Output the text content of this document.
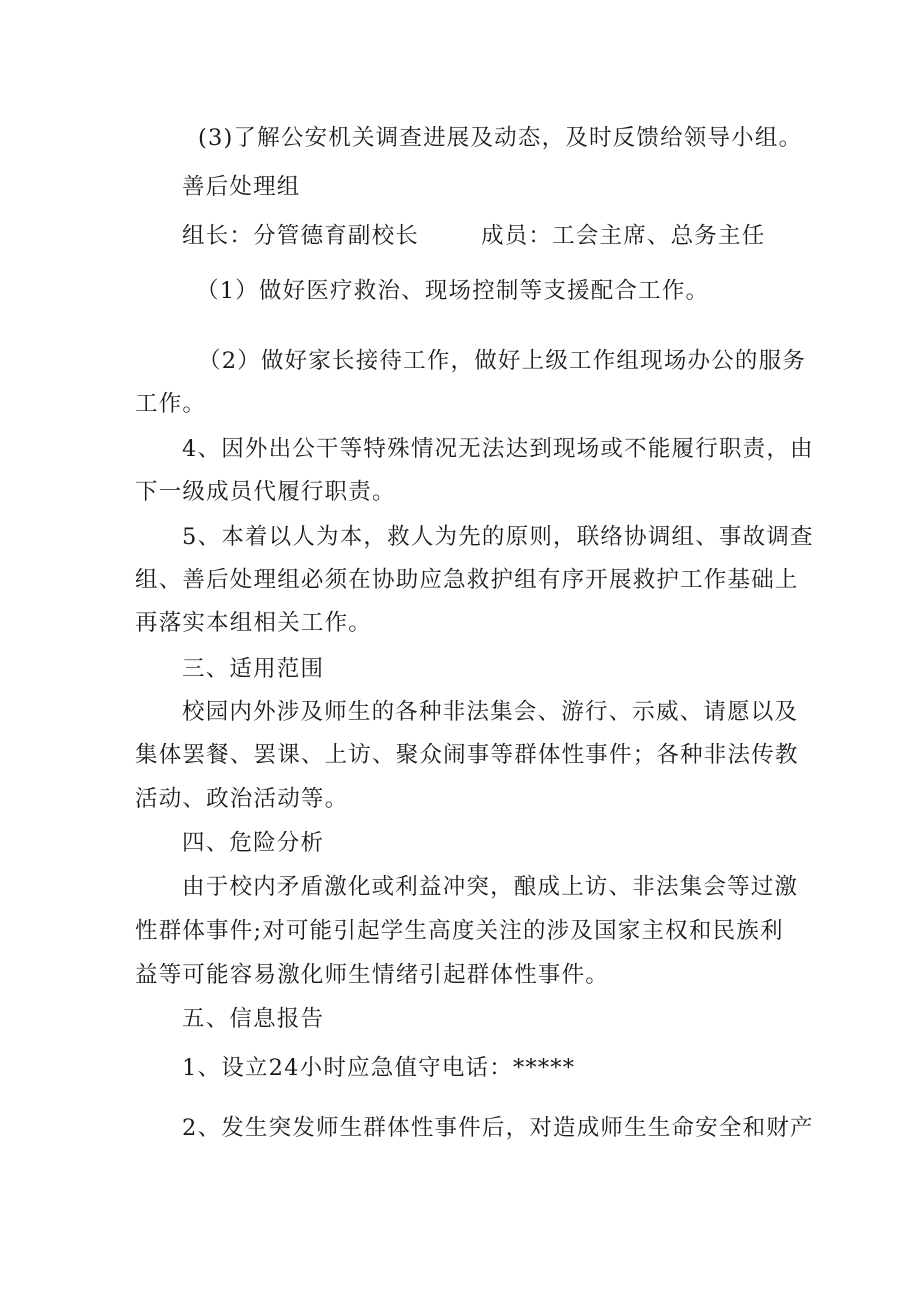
(3)了解公安机关调查进展及动态，及时反馈给领导小组。

善后处理组

组长：分管德育副校长	成员：工会主席、总务主任

（1）做好医疗救治、现场控制等支援配合工作。

（2）做好家长接待工作，做好上级工作组现场办公的服务

工作。

4、因外出公干等特殊情况无法达到现场或不能履行职责，由

下一级成员代履行职责。

5、本着以人为本，救人为先的原则，联络协调组、事故调查

组、善后处理组必须在协助应急救护组有序开展救护工作基础上

再落实本组相关工作。

三、适用范围

校园内外涉及师生的各种非法集会、游行、示威、请愿以及

集体罢餐、罢课、上访、聚众闹事等群体性事件；各种非法传教

活动、政治活动等。

四、危险分析

由于校内矛盾激化或利益冲突，酿成上访、非法集会等过激

性群体事件;对可能引起学生高度关注的涉及国家主权和民族利

益等可能容易激化师生情绪引起群体性事件。

五、信息报告

1、设立24小时应急值守电话：*****

2、发生突发师生群体性事件后，对造成师生生命安全和财产
